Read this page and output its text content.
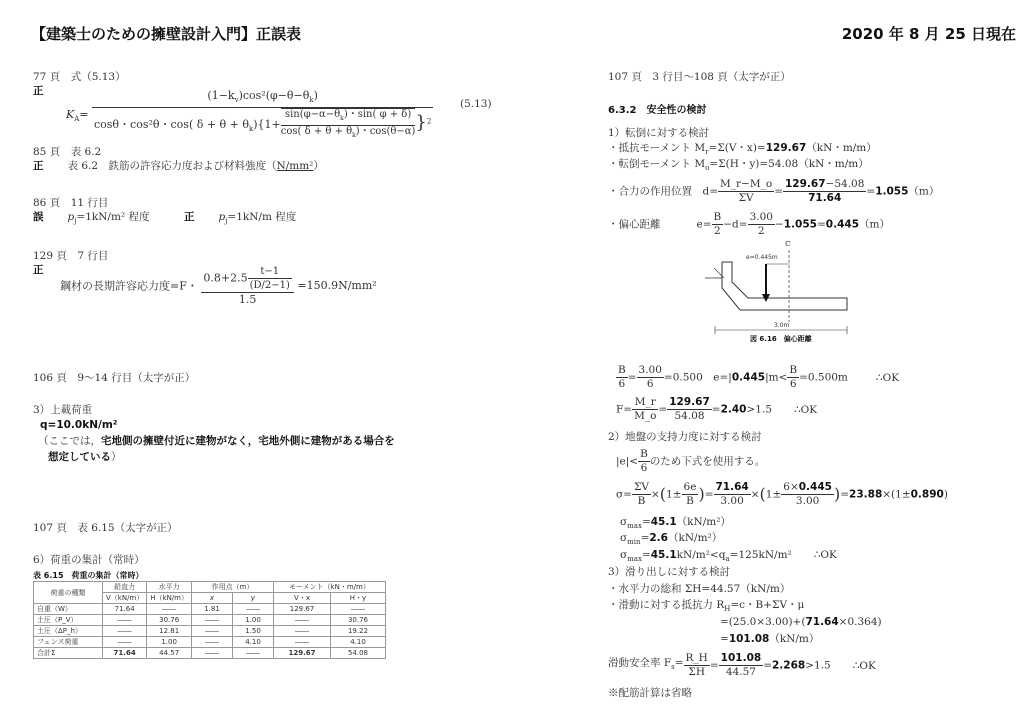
【建築士のための擁壁設計入門】正誤表	2020 年 8 月 25 日現在
77 頁　式（5.13）
正
$K_A=$
$(1-k_v)\cos^2(\varphi-\theta-\theta_k)$
cosθ・cos²θ・cos( $\delta + \theta + \theta_k)\{1+ \frac{\sin(\varphi-\alpha-\theta_k)・\sin( \varphi + \delta)}{\cos( \delta + \theta + \theta_k)・\cos(\theta-\alpha)} \}^2$
(5.13)
85 頁　表 6.2
正 表 6.2　鉄筋の許容応力度および材料強度（N/mm²）
86 頁　11 行目
誤 $p_j=1kN/m^2$ 程度	正 $p_j=1kN/m$ 程度
129 頁　7 行目
正
鋼材の長期許容応力度=F・ $\frac{0.8+2.5 \frac{t-1}{(D/2-1)}}{1.5} =150.9N/mm^2$
106 頁　9～14 行目（太字が正）
3）上載荷重
q=10.0kN/m²
（ここでは，宅地側の擁壁付近に建物がなく，宅地外側に建物がある場合を
想定している）
107 頁　表 6.15（太字が正）
6）荷重の集計（常時）
表 6.15　荷重の集計（常時）
荷重の種類	鉛直力	水平力	作用点（m）		モーメント（kN・m/m）	
	V（kN/m）	H（kN/m）	x	y	V・x	H・y
自重（W）	71.64	――	1.81	――	129.67	――
土圧（P_V）	――	30.76	――	1.00	――	30.76
土圧（ΔP_h）	――	12.81	――	1.50	――	19.22
フェンス荷重	――	1.00	――	4.10	――	4.10
合計Σ	71.64	44.57	――	――	129.67	54.08
107 頁　3 行目～108 頁（太字が正）
6.3.2　安全性の検討
1）転倒に対する検討
・抵抗モーメント $M_r=\Sigma(V$・x)=129.67（kN・m/m）
・転倒モーメント $M_o=\Sigma(H$・y)=54.08（kN・m/m）
・合力の作用位置　$d= \frac{M\_r-M\_o}{\Sigma V} = \frac{129.67-54.08}{71.64} =1.055(m)$
・偏心距離	$e= \frac{B}{2} -d= \frac{3.00}{2} -1.055=0.445(m)$
e=0.445m
ℂ
3.0m
図 6.16　偏心距離
$\frac{B}{6} = \frac{3.00}{6} =0.500$　$e=|0.445|m< \frac{B}{6} =0.500m$	∴OK
$F= \frac{M\_r}{M\_o} = \frac{129.67}{54.08} =2.40>1.5$ ∴OK
2）地盤の支持力度に対する検討
$|e|< \frac{B}{6}$ のため下式を使用する。
$\sigma= \frac{\Sigma V}{B} \times(1\pm \frac{6e}{B}$ )= $\frac{71.64}{3.00} \times(1\pm \frac{6\times 0.445}{3.00} )=23.88\times(1\pm 0.890)$
$\sigma_{max}=45.1(kN/m^2)$
$\sigma_{min}=2.6(kN/m^2)$
$\sigma_{max}=45.1kN/m^2<q_a=125kN/m^2$ ∴OK
3）滑り出しに対する検討
・水平力の総和 ΣH=44.57（kN/m）
・滑動に対する抵抗力 $R_H=c$・B+ΣV・μ
=(25.0×3.00)+(71.64×0.364)
=101.08（kN/m）
滑動安全率 $F_s= \frac{R\_H}{\Sigma H} = \frac{101.08}{44.57} =2.268>1.5$ ∴OK
※配筋計算は省略
